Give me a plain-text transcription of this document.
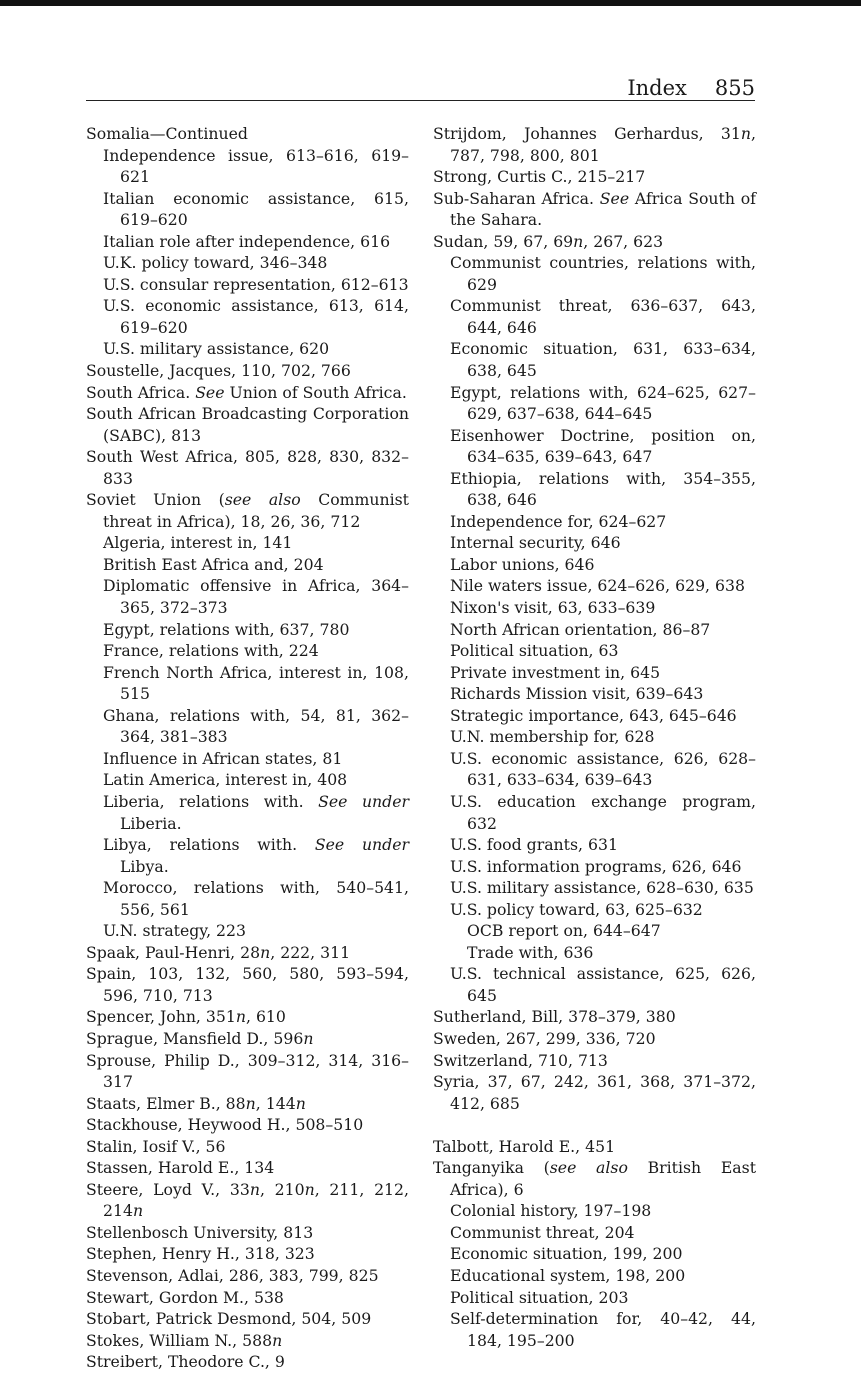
Index 855
Somalia—Continued
Independence issue, 613–616, 619–621
Italian economic assistance, 615, 619–620
Italian role after independence, 616
U.K. policy toward, 346–348
U.S. consular representation, 612–613
U.S. economic assistance, 613, 614, 619–620
U.S. military assistance, 620
Soustelle, Jacques, 110, 702, 766
South Africa. See Union of South Africa.
South African Broadcasting Corporation (SABC), 813
South West Africa, 805, 828, 830, 832–833
Soviet Union (see also Communist threat in Africa), 18, 26, 36, 712
Algeria, interest in, 141
British East Africa and, 204
Diplomatic offensive in Africa, 364–365, 372–373
Egypt, relations with, 637, 780
France, relations with, 224
French North Africa, interest in, 108, 515
Ghana, relations with, 54, 81, 362–364, 381–383
Influence in African states, 81
Latin America, interest in, 408
Liberia, relations with. See under Liberia.
Libya, relations with. See under Libya.
Morocco, relations with, 540–541, 556, 561
U.N. strategy, 223
Spaak, Paul-Henri, 28n, 222, 311
Spain, 103, 132, 560, 580, 593–594, 596, 710, 713
Spencer, John, 351n, 610
Sprague, Mansfield D., 596n
Sprouse, Philip D., 309–312, 314, 316–317
Staats, Elmer B., 88n, 144n
Stackhouse, Heywood H., 508–510
Stalin, Iosif V., 56
Stassen, Harold E., 134
Steere, Loyd V., 33n, 210n, 211, 212, 214n
Stellenbosch University, 813
Stephen, Henry H., 318, 323
Stevenson, Adlai, 286, 383, 799, 825
Stewart, Gordon M., 538
Stobart, Patrick Desmond, 504, 509
Stokes, William N., 588n
Streibert, Theodore C., 9
Strijdom, Johannes Gerhardus, 31n, 787, 798, 800, 801
Strong, Curtis C., 215–217
Sub-Saharan Africa. See Africa South of the Sahara.
Sudan, 59, 67, 69n, 267, 623
Communist countries, relations with, 629
Communist threat, 636–637, 643, 644, 646
Economic situation, 631, 633–634, 638, 645
Egypt, relations with, 624–625, 627–629, 637–638, 644–645
Eisenhower Doctrine, position on, 634–635, 639–643, 647
Ethiopia, relations with, 354–355, 638, 646
Independence for, 624–627
Internal security, 646
Labor unions, 646
Nile waters issue, 624–626, 629, 638
Nixon's visit, 63, 633–639
North African orientation, 86–87
Political situation, 63
Private investment in, 645
Richards Mission visit, 639–643
Strategic importance, 643, 645–646
U.N. membership for, 628
U.S. economic assistance, 626, 628–631, 633–634, 639–643
U.S. education exchange program, 632
U.S. food grants, 631
U.S. information programs, 626, 646
U.S. military assistance, 628–630, 635
U.S. policy toward, 63, 625–632
OCB report on, 644–647
Trade with, 636
U.S. technical assistance, 625, 626, 645
Sutherland, Bill, 378–379, 380
Sweden, 267, 299, 336, 720
Switzerland, 710, 713
Syria, 37, 67, 242, 361, 368, 371–372, 412, 685
Talbott, Harold E., 451
Tanganyika (see also British East Africa), 6
Colonial history, 197–198
Communist threat, 204
Economic situation, 199, 200
Educational system, 198, 200
Political situation, 203
Self-determination for, 40–42, 44, 184, 195–200
